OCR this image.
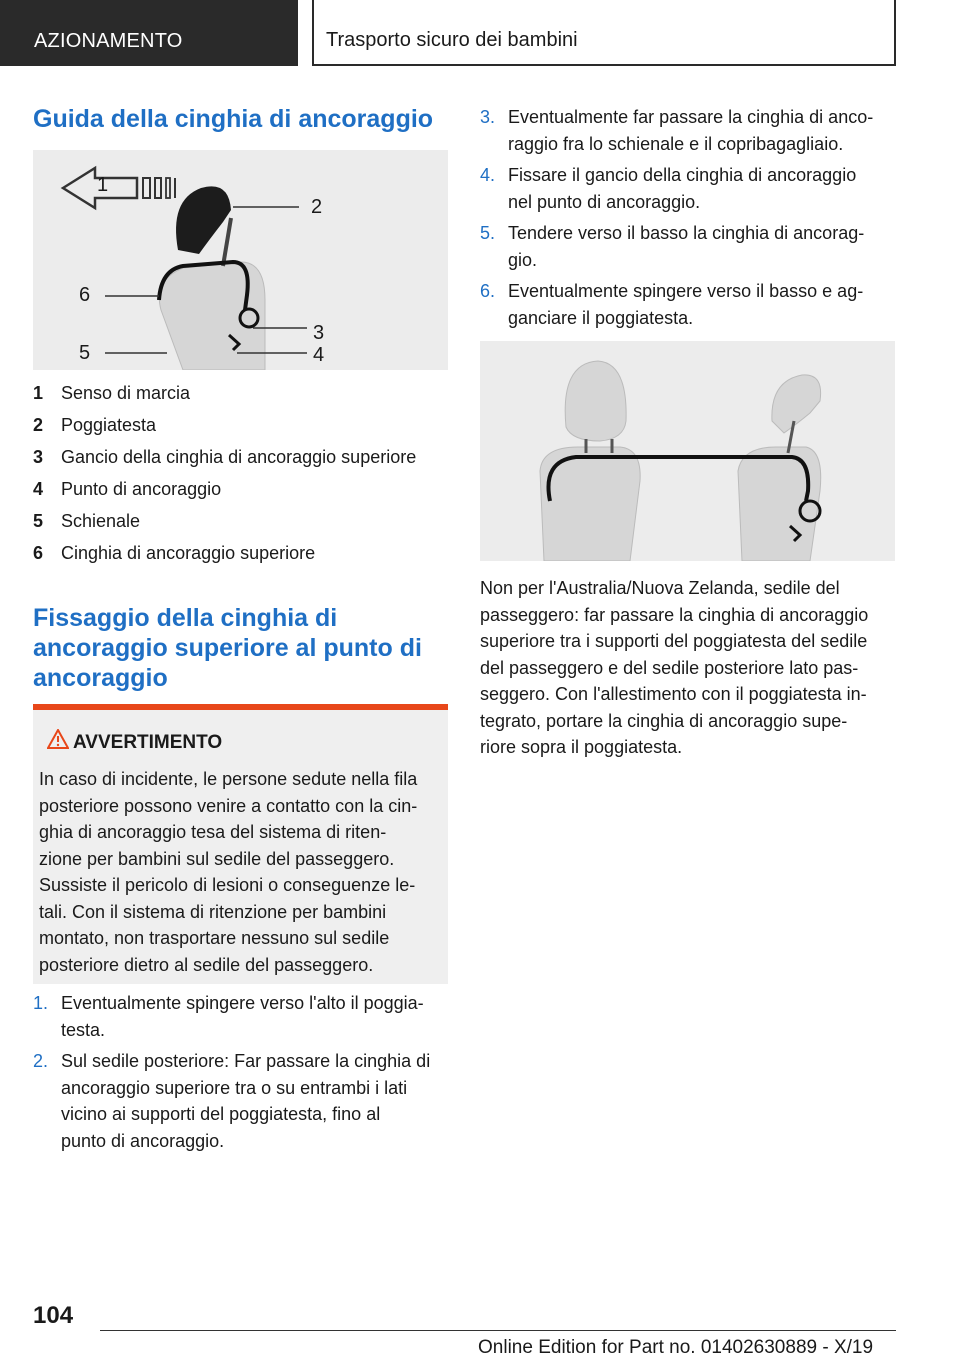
AZIONAMENTO	Trasporto sicuro dei bambini
Guida della cinghia di ancoraggio
1
2
6
3
5	4
1 Senso di marcia
2 Poggiatesta
3 Gancio della cinghia di ancoraggio superiore
4 Punto di ancoraggio
5 Schienale
6 Cinghia di ancoraggio superiore
Fissaggio della cinghia di
ancoraggio superiore al punto di
ancoraggio
AVVERTIMENTO
In caso di incidente, le persone sedute nella fila
posteriore possono venire a contatto con la cin-
ghia di ancoraggio tesa del sistema di riten-
zione per bambini sul sedile del passeggero.
Sussiste il pericolo di lesioni o conseguenze le-
tali. Con il sistema di ritenzione per bambini
montato, non trasportare nessuno sul sedile
posteriore dietro al sedile del passeggero.
1. Eventualmente spingere verso l'alto il poggia-
testa.
2. Sul sedile posteriore: Far passare la cinghia di
ancoraggio superiore tra o su entrambi i lati
vicino ai supporti del poggiatesta, fino al
punto di ancoraggio.
3. Eventualmente far passare la cinghia di anco-
raggio fra lo schienale e il copribagagliaio.
4. Fissare il gancio della cinghia di ancoraggio
nel punto di ancoraggio.
5. Tendere verso il basso la cinghia di ancorag-
gio.
6. Eventualmente spingere verso il basso e ag-
ganciare il poggiatesta.
Non per l'Australia/Nuova Zelanda, sedile del
passeggero: far passare la cinghia di ancoraggio
superiore tra i supporti del poggiatesta del sedile
del passeggero e del sedile posteriore lato pas-
seggero. Con l'allestimento con il poggiatesta in-
tegrato, portare la cinghia di ancoraggio supe-
riore sopra il poggiatesta.
104
Online Edition for Part no. 01402630889 - X/19
